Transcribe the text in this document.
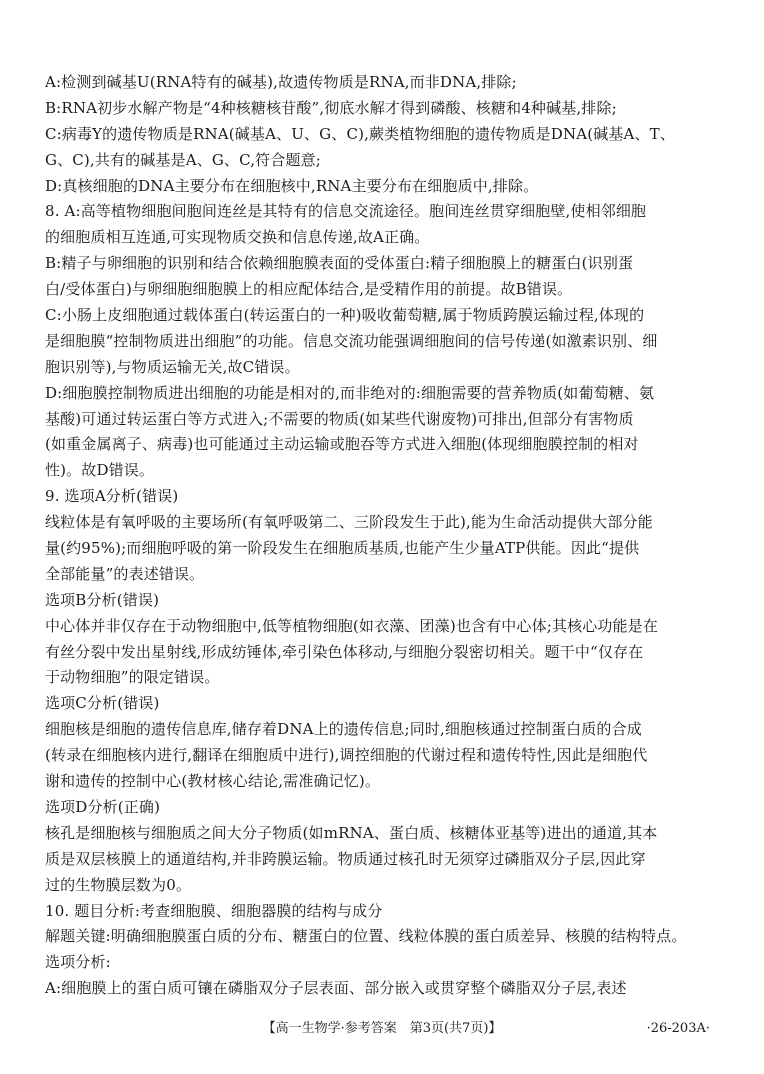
A:检测到碱基U(RNA特有的碱基),故遗传物质是RNA,而非DNA,排除;
B:RNA初步水解产物是“4种核糖核苷酸”,彻底水解才得到磷酸、核糖和4种碱基,排除;
C:病毒Y的遗传物质是RNA(碱基A、U、G、C),蕨类植物细胞的遗传物质是DNA(碱基A、T、
G、C),共有的碱基是A、G、C,符合题意;
D:真核细胞的DNA主要分布在细胞核中,RNA主要分布在细胞质中,排除。
8. A:高等植物细胞间胞间连丝是其特有的信息交流途径。胞间连丝贯穿细胞壁,使相邻细胞
的细胞质相互连通,可实现物质交换和信息传递,故A正确。
B:精子与卵细胞的识别和结合依赖细胞膜表面的受体蛋白:精子细胞膜上的糖蛋白(识别蛋
白/受体蛋白)与卵细胞细胞膜上的相应配体结合,是受精作用的前提。故B错误。
C:小肠上皮细胞通过载体蛋白(转运蛋白的一种)吸收葡萄糖,属于物质跨膜运输过程,体现的
是细胞膜“控制物质进出细胞”的功能。信息交流功能强调细胞间的信号传递(如激素识别、细
胞识别等),与物质运输无关,故C错误。
D:细胞膜控制物质进出细胞的功能是相对的,而非绝对的:细胞需要的营养物质(如葡萄糖、氨
基酸)可通过转运蛋白等方式进入;不需要的物质(如某些代谢废物)可排出,但部分有害物质
(如重金属离子、病毒)也可能通过主动运输或胞吞等方式进入细胞(体现细胞膜控制的相对
性)。故D错误。
9. 选项A分析(错误)
线粒体是有氧呼吸的主要场所(有氧呼吸第二、三阶段发生于此),能为生命活动提供大部分能
量(约95%);而细胞呼吸的第一阶段发生在细胞质基质,也能产生少量ATP供能。因此“提供
全部能量”的表述错误。
选项B分析(错误)
中心体并非仅存在于动物细胞中,低等植物细胞(如衣藻、团藻)也含有中心体;其核心功能是在
有丝分裂中发出星射线,形成纺锤体,牵引染色体移动,与细胞分裂密切相关。题干中“仅存在
于动物细胞”的限定错误。
选项C分析(错误)
细胞核是细胞的遗传信息库,储存着DNA上的遗传信息;同时,细胞核通过控制蛋白质的合成
(转录在细胞核内进行,翻译在细胞质中进行),调控细胞的代谢过程和遗传特性,因此是细胞代
谢和遗传的控制中心(教材核心结论,需准确记忆)。
选项D分析(正确)
核孔是细胞核与细胞质之间大分子物质(如mRNA、蛋白质、核糖体亚基等)进出的通道,其本
质是双层核膜上的通道结构,并非跨膜运输。物质通过核孔时无须穿过磷脂双分子层,因此穿
过的生物膜层数为0。
10. 题目分析:考查细胞膜、细胞器膜的结构与成分
解题关键:明确细胞膜蛋白质的分布、糖蛋白的位置、线粒体膜的蛋白质差异、核膜的结构特点。
选项分析:
A:细胞膜上的蛋白质可镶在磷脂双分子层表面、部分嵌入或贯穿整个磷脂双分子层,表述
【高一生物学·参考答案　第3页(共7页)】	·26-203A·
